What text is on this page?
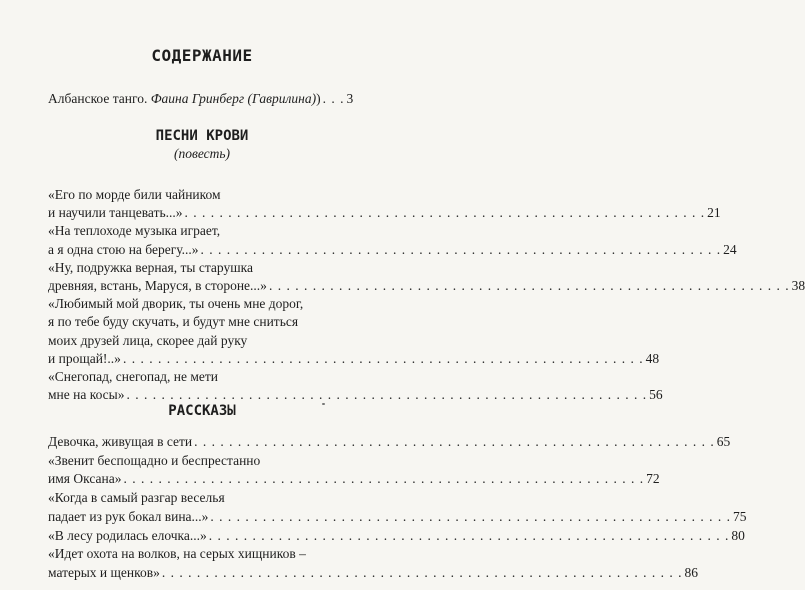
СОДЕРЖАНИЕ
Албанское танго. Фаина Гринберг (Гаврилина)) . . . 3
ПЕСНИ КРОВИ
(повесть)
«Его по морде били чайником
и научили танцевать...» . . . . . . . . . . . . . . . . . . . . . . . . . . . . . . . . . . . . . . . . . . . . . . . . . . . . . . . . . . . . 21
«На теплоходе музыка играет,
а я одна стою на берегу...» . . . . . . . . . . . . . . . . . . . . . . . . . . . . . . . . . . . . . . . . . . . . . . . . . . . . . . . . . . . . 24
«Ну, подружка верная, ты старушка
древняя, встань, Маруся, в стороне...» . . . . . . . . . . . . . . . . . . . . . . . . . . . . . . . . . . . . . . . . . . . . . . . . . . . . . . . . . . . . 38
«Любимый мой дворик, ты очень мне дорог,
я по тебе буду скучать, и будут мне сниться
моих друзей лица, скорее дай руку
и прощай!..» . . . . . . . . . . . . . . . . . . . . . . . . . . . . . . . . . . . . . . . . . . . . . . . . . . . . . . . . . . . . 48
«Снегопад, снегопад, не мети
мне на косы» . . . . . . . . . . . . . . . . . . . . . . . . . . . . . . . . . . . . . . . . . . . . . . . . . . . . . . . . . . . . 56
РАССКАЗЫ
Девочка, живущая в сети . . . . . . . . . . . . . . . . . . . . . . . . . . . . . . . . . . . . . . . . . . . . . . . . . . . . . . . . . . . . 65
«Звенит беспощадно и беспрестанно
имя Оксана» . . . . . . . . . . . . . . . . . . . . . . . . . . . . . . . . . . . . . . . . . . . . . . . . . . . . . . . . . . . . 72
«Когда в самый разгар веселья
падает из рук бокал вина...» . . . . . . . . . . . . . . . . . . . . . . . . . . . . . . . . . . . . . . . . . . . . . . . . . . . . . . . . . . . . 75
«В лесу родилась елочка...» . . . . . . . . . . . . . . . . . . . . . . . . . . . . . . . . . . . . . . . . . . . . . . . . . . . . . . . . . . . . 80
«Идет охота на волков, на серых хищников –
матерых и щенков» . . . . . . . . . . . . . . . . . . . . . . . . . . . . . . . . . . . . . . . . . . . . . . . . . . . . . . . . . . . . 86
